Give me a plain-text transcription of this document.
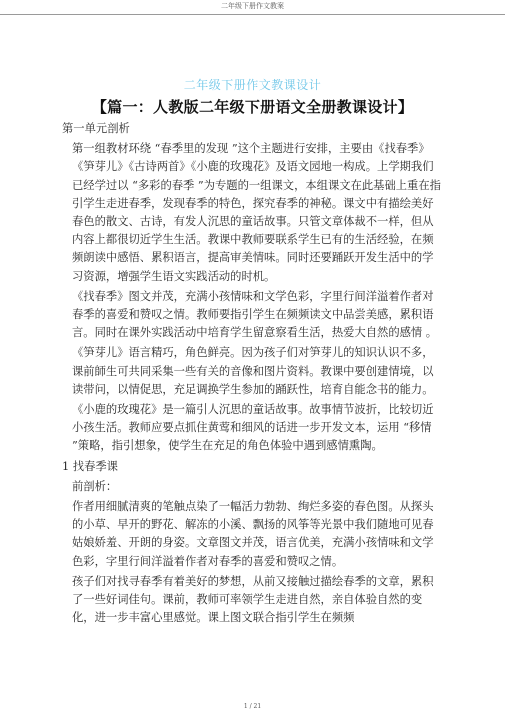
二年级下册作文教案
二年级下册作文教课设计
【篇一：人教版二年级下册语文全册教课设计】

第一单元剖析

第一组教材环绕 “春季里的发现 ”这个主题进行安排，主要由《找春季》《笋芽儿》《古诗两首》《小鹿的玫瑰花》及语文园地一构成。上学期我们已经学过以 “多彩的春季 ”为专题的一组课文，本组课文在此基础上重在指引学生走进春季，发现春季的特色，探究春季的神秘。课文中有描绘美好春色的散文、古诗，有发人沉思的童话故事。只管文章体裁不一样，但从内容上都很切近学生生活。教课中教师要联系学生已有的生活经验，在频频朗读中感悟、累积语言，提高审美情味。同时还要踊跃开发生活中的学习资源，增强学生语文实践活动的时机。

《找春季》图文并茂，充满小孩情味和文学色彩，字里行间洋溢着作者对春季的喜爱和赞叹之情。教师要指引学生在频频读文中品尝美感，累积语言。同时在课外实践活动中培育学生留意察看生活，热爱大自然的感情 。

《笋芽儿》语言精巧，角色鲜亮。因为孩子们对笋芽儿的知识认识不多，课前師生可共同采集一些有关的音像和图片资料。教课中要创建情境，以读带问，以情促思，充足调换学生参加的踊跃性，培育自能念书的能力。

《小鹿的玫瑰花》是一篇引人沉思的童话故事。故事情节波折，比较切近小孩生活。教师应要点抓住黄莺和细风的话进一步开发文本，运用 “移情 ”策略，指引想象，使学生在充足的角色体验中遇到感情熏陶。

1 找春季课

前剖析：

作者用细腻清爽的笔触点染了一幅活力勃勃、绚烂多姿的春色图。从探头的小草、早开的野花、解冻的小溪、飘扬的风筝等光景中我们随地可见春姑娘娇羞、开朗的身姿。文章图文并茂，语言优美，充满小孩情味和文学色彩，字里行间洋溢着作者对春季的喜爱和赞叹之情。

孩子们对找寻春季有着美好的梦想，从前又接触过描绘春季的文章，累积了一些好词佳句。课前，教师可率领学生走进自然，亲自体验自然的变化，进一步丰富心里感觉。课上图文联合指引学生在频频

1 / 21
